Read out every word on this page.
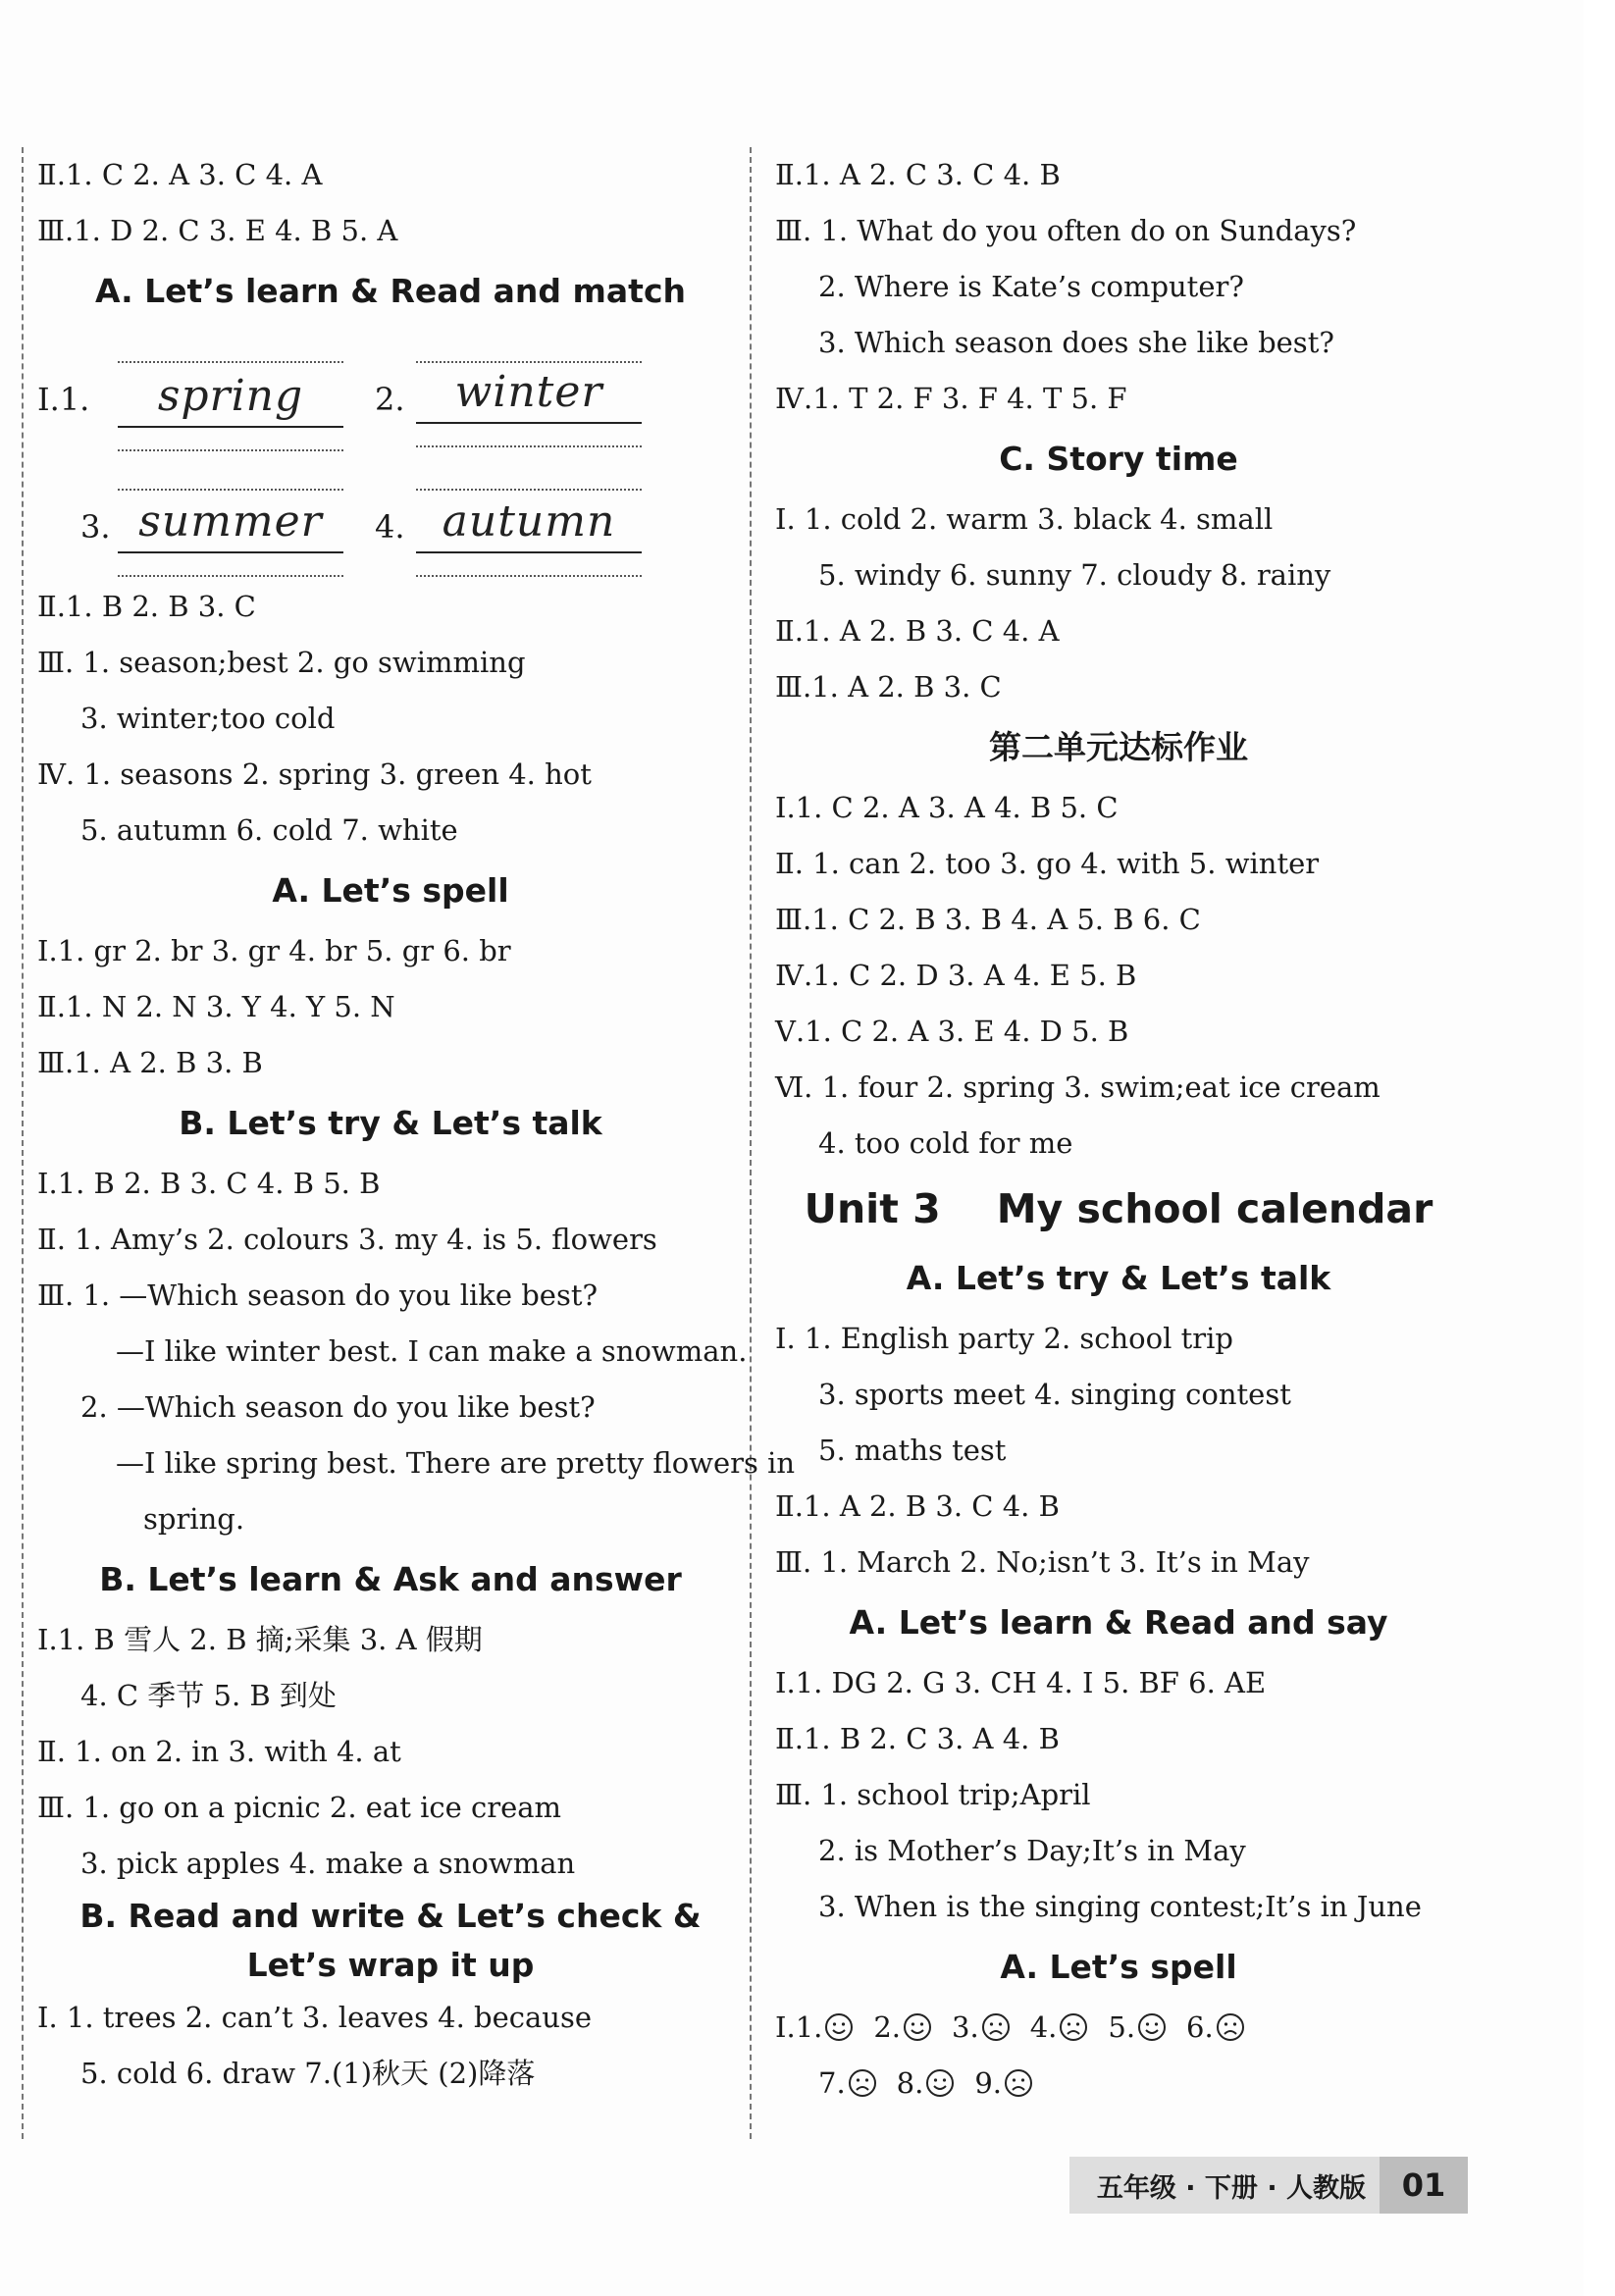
Ⅱ.1. C 2. A 3. C 4. A
Ⅲ.1. D 2. C 3. E 4. B 5. A
A. Let’s learn & Read and match
Ⅰ.1.	spring	2.	winter
3. summer	4. autumn
Ⅱ.1. B 2. B 3. C
Ⅲ. 1. season;best 2. go swimming
3. winter;too cold
Ⅳ. 1. seasons 2. spring 3. green 4. hot
5. autumn 6. cold 7. white
A. Let’s spell
Ⅰ.1. gr 2. br 3. gr 4. br 5. gr 6. br
Ⅱ.1. N 2. N 3. Y 4. Y 5. N
Ⅲ.1. A 2. B 3. B
B. Let’s try & Let’s talk
Ⅰ.1. B 2. B 3. C 4. B 5. B
Ⅱ. 1. Amy’s 2. colours 3. my 4. is 5. flowers
Ⅲ. 1. —Which season do you like best?
—I like winter best. I can make a snowman.
2. —Which season do you like best?
—I like spring best. There are pretty flowers in
spring.
B. Let’s learn & Ask and answer
Ⅰ.1. B 雪人 2. B 摘;采集 3. A 假期
4. C 季节 5. B 到处
Ⅱ. 1. on 2. in 3. with 4. at
Ⅲ. 1. go on a picnic 2. eat ice cream
3. pick apples 4. make a snowman
B. Read and write & Let’s check & Let’s wrap it up
Ⅰ. 1. trees 2. can’t 3. leaves 4. because
5. cold 6. draw 7.(1)秋天 (2)降落
Ⅱ.1. A 2. C 3. C 4. B
Ⅲ. 1. What do you often do on Sundays?
2. Where is Kate’s computer?
3. Which season does she like best?
Ⅳ.1. T 2. F 3. F 4. T 5. F
C. Story time
Ⅰ. 1. cold 2. warm 3. black 4. small
5. windy 6. sunny 7. cloudy 8. rainy
Ⅱ.1. A 2. B 3. C 4. A
Ⅲ.1. A 2. B 3. C
第二单元达标作业
Ⅰ.1. C 2. A 3. A 4. B 5. C
Ⅱ. 1. can 2. too 3. go 4. with 5. winter
Ⅲ.1. C 2. B 3. B 4. A 5. B 6. C
Ⅳ.1. C 2. D 3. A 4. E 5. B
Ⅴ.1. C 2. A 3. E 4. D 5. B
Ⅵ. 1. four 2. spring 3. swim;eat ice cream
4. too cold for me
Unit 3    My school calendar
A. Let’s try & Let’s talk
Ⅰ. 1. English party 2. school trip
3. sports meet 4. singing contest
5. maths test
Ⅱ.1. A 2. B 3. C 4. B
Ⅲ. 1. March 2. No;isn’t 3. It’s in May
A. Let’s learn & Read and say
Ⅰ.1. DG 2. G 3. CH 4. I 5. BF 6. AE
Ⅱ.1. B 2. C 3. A 4. B
Ⅲ. 1. school trip;April
2. is Mother’s Day;It’s in May
3. When is the singing contest;It’s in June
A. Let’s spell
Ⅰ.1. 2. 3. 4. 5. 6.
7. 8. 9.
五年级 · 下册 · 人教版	01
